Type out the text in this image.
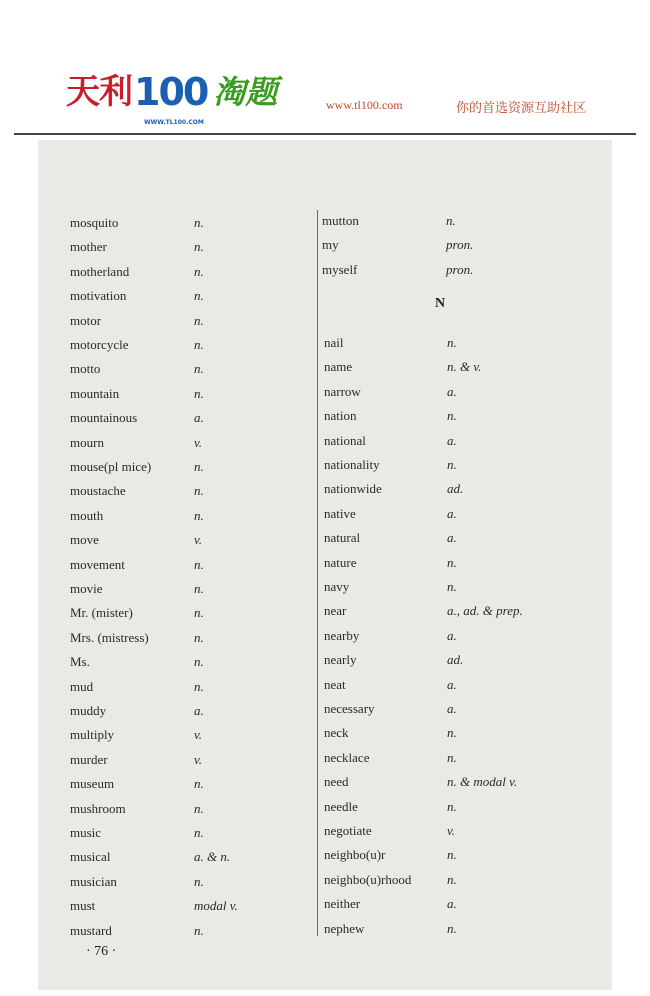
天利 100
WWW.TL100.COM
淘题	www.tl100.com	你的首选资源互助社区
mosquito	n.
mother	n.
motherland	n.
motivation	n.
motor	n.
motorcycle	n.
motto	n.
mountain	n.
mountainous	a.
mourn	v.
mouse(pl mice)	n.
moustache	n.
mouth	n.
move	v.
movement	n.
movie	n.
Mr. (mister)	n.
Mrs. (mistress)	n.
Ms.	n.
mud	n.
muddy	a.
multiply	v.
murder	v.
museum	n.
mushroom	n.
music	n.
musical	a. & n.
musician	n.
must	modal v.
mustard	n.
mutton	n.
my	pron.
myself	pron.
nail	n.
name	n. & v.
narrow	a.
nation	n.
national	a.
nationality	n.
nationwide	ad.
native	a.
natural	a.
nature	n.
navy	n.
near	a., ad. & prep.
nearby	a.
nearly	ad.
neat	a.
necessary	a.
neck	n.
necklace	n.
need	n. & modal v.
needle	n.
negotiate	v.
neighbo(u)r	n.
neighbo(u)rhood	n.
neither	a.
nephew	n.
N
· 76 ·
